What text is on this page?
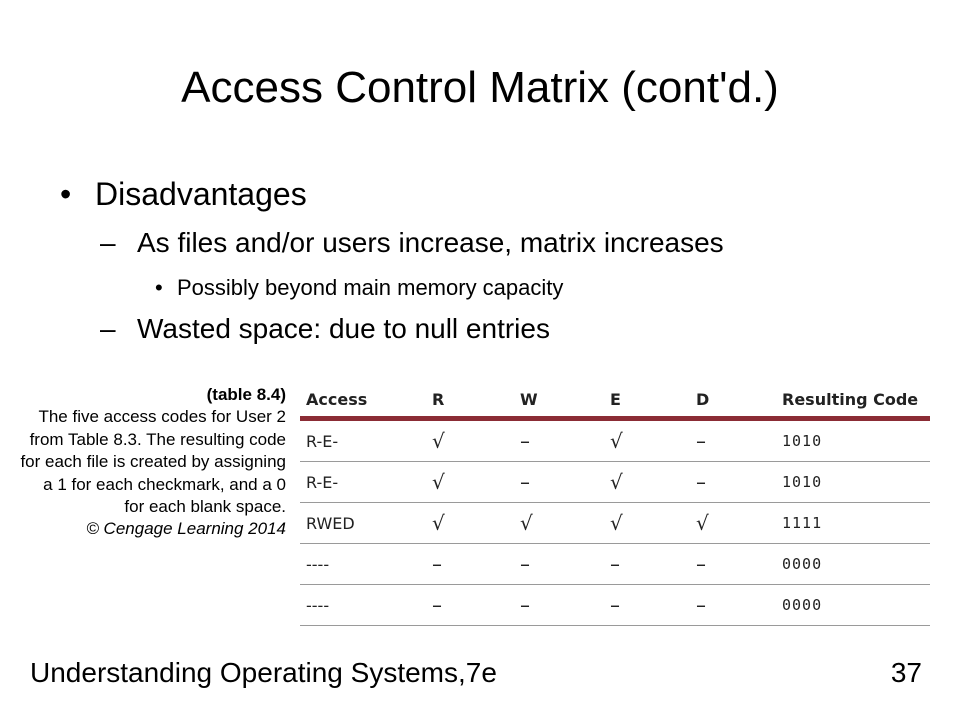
Access Control Matrix (cont'd.)
• Disadvantages
– As files and/or users increase, matrix increases
• Possibly beyond main memory capacity
– Wasted space: due to null entries
(table 8.4)
The five access codes for User 2 from Table 8.3. The resulting code for each file is created by assigning a 1 for each checkmark, and a 0 for each blank space.
© Cengage Learning 2014
Access	R	W	E	D	Resulting Code
R-E-	√	–	√	–	1010
R-E-	√	–	√	–	1010
RWED	√	√	√	√	1111
----	–	–	–	–	0000
----	–	–	–	–	0000
Understanding Operating Systems,7e	37
